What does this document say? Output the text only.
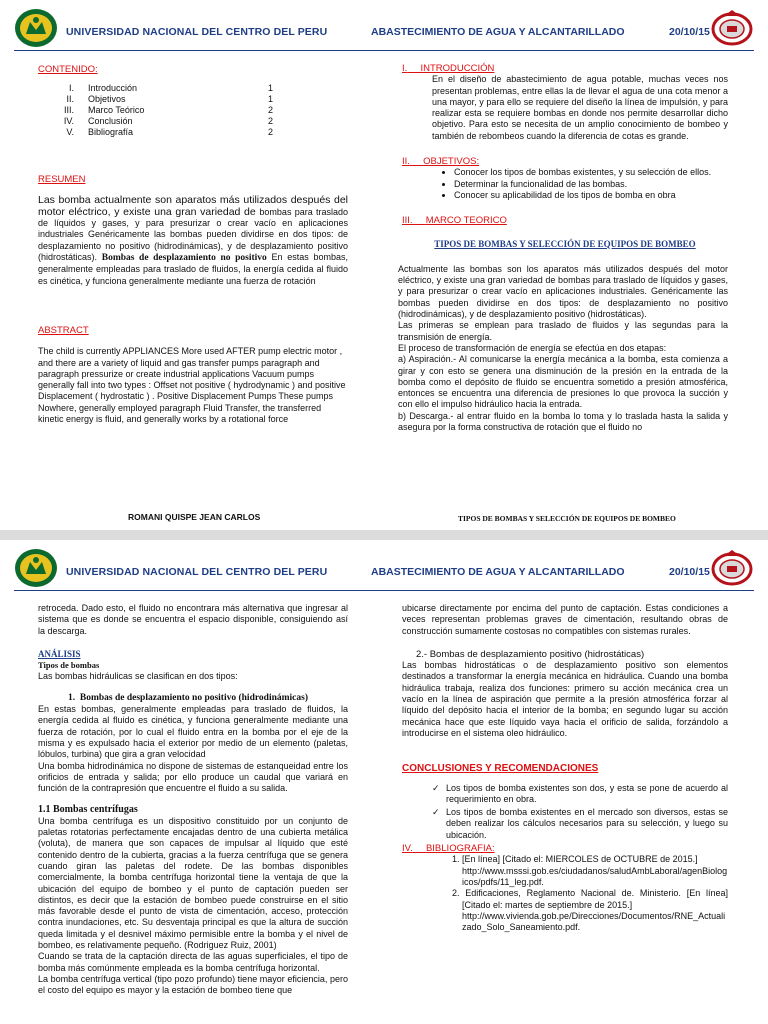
UNIVERSIDAD NACIONAL DEL CENTRO DEL PERU	ABASTECIMIENTO DE AGUA Y ALCANTARILLADO	20/10/15
CONTENIDO:
I.	Introducción	1
II.	Objetivos	1
III.	Marco Teórico	2
IV.	Conclusión	2
V.	Bibliografía	2
RESUMEN
Las bomba actualmente son aparatos más utilizados después del motor eléctrico, y existe una gran variedad de bombas para traslado de líquidos y gases, y para presurizar o crear vacío en aplicaciones industriales Genéricamente las bombas pueden dividirse en dos tipos: de desplazamiento no positivo (hidrodinámicas), y de desplazamiento positivo (hidrostáticas). Bombas de desplazamiento no positivo En estas bombas, generalmente empleadas para traslado de fluidos, la energía cedida al fluido es cinética, y funciona generalmente mediante una fuerza de rotación
ABSTRACT
The child is currently APPLIANCES More used AFTER pump electric motor , and there are a variety of liquid and gas transfer pumps paragraph and paragraph pressurize or create industrial applications Vacuum pumps generally fall into two types : Offset not positive ( hydrodynamic ) and positive Displacement ( hydrostatic ) . Positive Displacement Pumps These pumps Nowhere, generally employed paragraph Fluid Transfer, the transferred kinetic energy is fluid, and generally works by a rotational force
I. INTRODUCCIÓN
En el diseño de abastecimiento de agua potable, muchas veces nos presentan problemas, entre ellas la de llevar el agua de una cota menor a una mayor, y para ello se requiere del diseño la línea de impulsión, y para realizar esta se requiere bombas en donde nos permite desarrollar dicho objetivo. Para esto se necesita de un amplio conocimiento de bombeo y también de rebombeos cuando la diferencia de cotas es grande.
II. OBJETIVOS:
• Conocer los tipos de bombas existentes, y su selección de ellos.
• Determinar la funcionalidad de las bombas.
• Conocer su aplicabilidad de los tipos de bomba en obra
III. MARCO TEORICO
TIPOS DE BOMBAS Y SELECCIÓN DE EQUIPOS DE BOMBEO
Actualmente las bombas son los aparatos más utilizados después del motor eléctrico, y existe una gran variedad de bombas para traslado de líquidos y gases, y para presurizar o crear vacío en aplicaciones industriales. Genéricamente las bombas pueden dividirse en dos tipos: de desplazamiento no positivo (hidrodinámicas), y de desplazamiento positivo (hidrostáticas).
Las primeras se emplean para traslado de fluidos y las segundas para la transmisión de energía.
El proceso de transformación de energía se efectúa en dos etapas:
a) Aspiración.- Al comunicarse la energía mecánica a la bomba, esta comienza a girar y con esto se genera una disminución de la presión en la entrada de la bomba como el depósito de fluido se encuentra sometido a presión atmosférica, entonces se encuentra una diferencia de presiones lo que provoca la succión y con ello el impulso hidráulico hacia la entrada.
b) Descarga.- al entrar fluido en la bomba lo toma y lo traslada hasta la salida y asegura por la forma constructiva de rotación que el fluido no
ROMANI QUISPE JEAN CARLOS	TIPOS DE BOMBAS Y SELECCIÓN DE EQUIPOS DE BOMBEO
UNIVERSIDAD NACIONAL DEL CENTRO DEL PERU	ABASTECIMIENTO DE AGUA Y ALCANTARILLADO	20/10/15
retroceda. Dado esto, el fluido no encontrara más alternativa que ingresar al sistema que es donde se encuentra el espacio disponible, consiguiendo así la descarga.
ANÁLISIS
Tipos de bombas
Las bombas hidráulicas se clasifican en dos tipos:
1. Bombas de desplazamiento no positivo (hidrodinámicas)
En estas bombas, generalmente empleadas para traslado de fluidos, la energía cedida al fluido es cinética, y funciona generalmente mediante una fuerza de rotación, por lo cual el fluido entra en la bomba por el eje de la misma y es expulsado hacia el exterior por medio de un elemento (paletas, lóbulos, turbina) que gira a gran velocidad
Una bomba hidrodinámica no dispone de sistemas de estanqueidad entre los orificios de entrada y salida; por ello produce un caudal que variará en función de la contrapresión que encuentre el fluido a su salida.
1.1 Bombas centrífugas
Una bomba centrífuga es un dispositivo constituido por un conjunto de paletas rotatorias perfectamente encajadas dentro de una cubierta metálica (voluta), de manera que son capaces de impulsar al líquido que esté contenido dentro de la cubierta, gracias a la fuerza centrífuga que se genera cuando giran las paletas del rodete. De las bombas disponibles comercialmente, la bomba centrífuga horizontal tiene la ventaja de que la ubicación del equipo de bombeo y el punto de captación pueden ser distintos, es decir que la estación de bombeo puede construirse en el sitio más favorable desde el punto de vista de cimentación, acceso, protección contra inundaciones, etc. Su desventaja principal es que la altura de succión queda limitada y el desnivel máximo permisible entre la bomba y el nivel de bombeo, es relativamente pequeño. (Rodriguez Ruiz, 2001)
Cuando se trata de la captación directa de las aguas superficiales, el tipo de bomba más comúnmente empleada es la bomba centrífuga horizontal.
La bomba centrífuga vertical (tipo pozo profundo) tiene mayor eficiencia, pero el costo del equipo es mayor y la estación de bombeo tiene que
ubicarse directamente por encima del punto de captación. Estas condiciones a veces representan problemas graves de cimentación, resultando obras de construcción sumamente costosas no compatibles con sistemas rurales.
2.- Bombas de desplazamiento positivo (hidrostáticas)
Las bombas hidrostáticas o de desplazamiento positivo son elementos destinados a transformar la energía mecánica en hidráulica. Cuando una bomba hidráulica trabaja, realiza dos funciones: primero su acción mecánica crea un vacío en la línea de aspiración que permite a la presión atmosférica forzar al líquido del depósito hacia el interior de la bomba; en segundo lugar su acción mecánica hace que este líquido vaya hacia el orificio de salida, forzándolo a introducirse en el sistema oleo hidráulico.
CONCLUSIONES Y RECOMENDACIONES
✓ Los tipos de bomba existentes son dos, y esta se pone de acuerdo al requerimiento en obra.
✓ Los tipos de bomba existentes en el mercado son diversos, estas se deben realizar los cálculos necesarios para su selección, y luego su ubicación.
IV. BIBLIOGRAFIA:
1. [En línea] [Citado el: MIERCOLES de OCTUBRE de 2015.]
http://www.msssi.gob.es/ciudadanos/saludAmbLaboral/agenBiologicos/pdfs/11_leg.pdf.
2. Edificaciones, Reglamento Nacional de. Ministerio. [En línea] [Citado el: martes de septiembre de 2015.]
http://www.vivienda.gob.pe/Direcciones/Documentos/RNE_Actualizado_Solo_Saneamiento.pdf.
